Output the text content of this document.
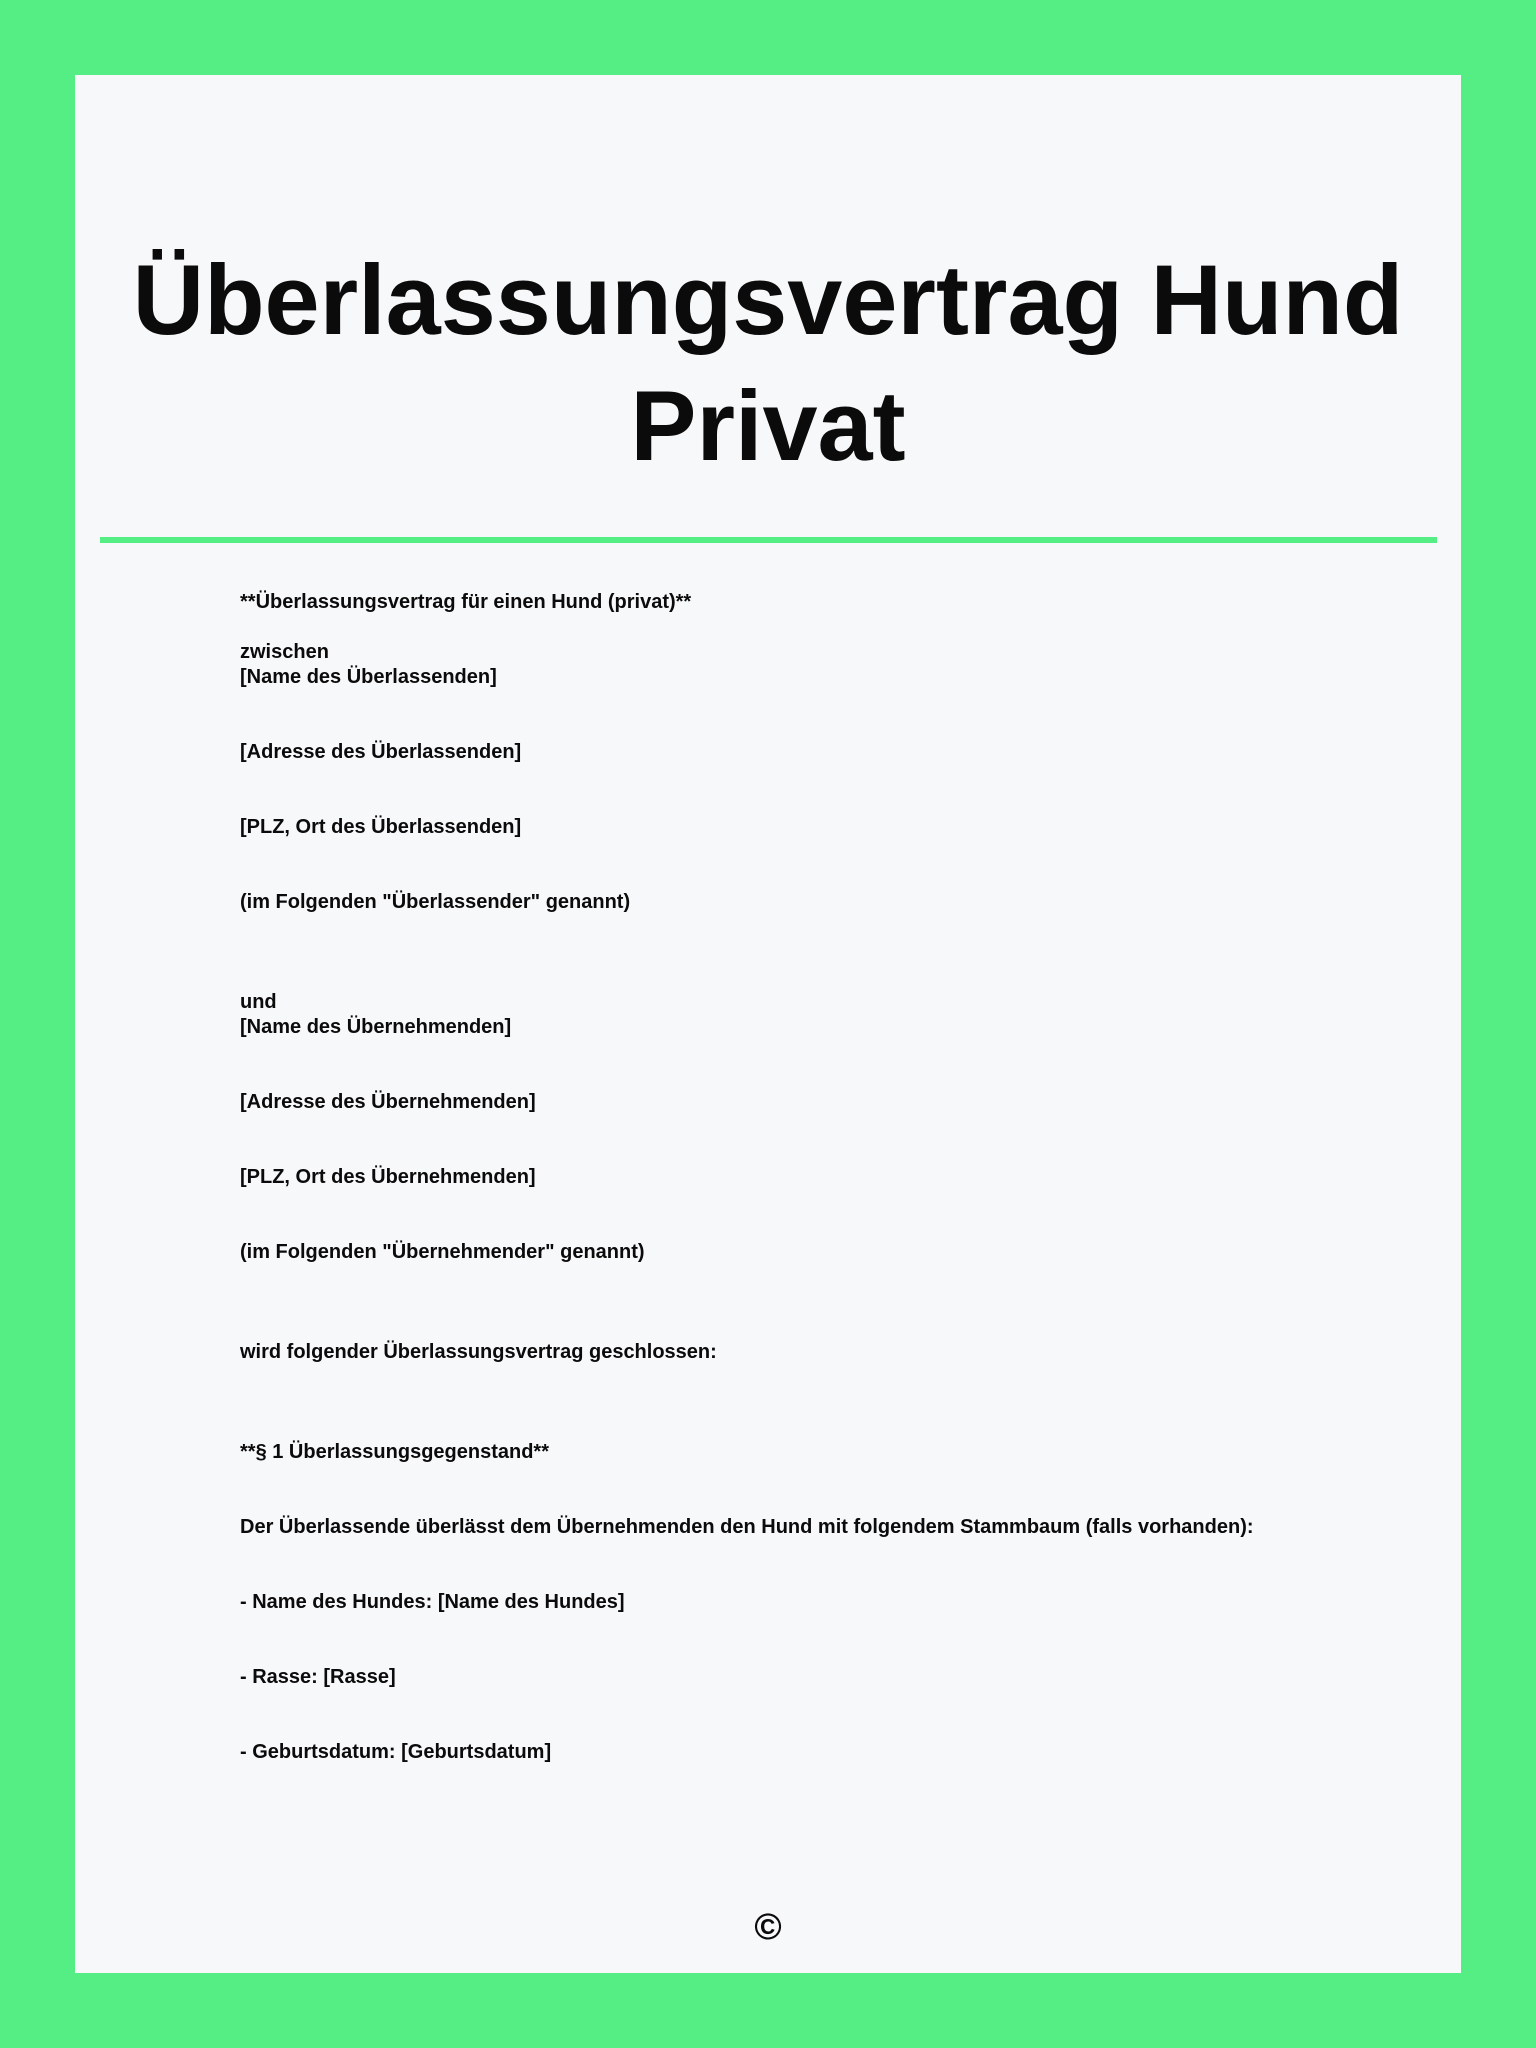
Überlassungsvertrag Hund Privat
**Überlassungsvertrag für einen Hund (privat)**
zwischen
[Name des Überlassenden]
[Adresse des Überlassenden]
[PLZ, Ort des Überlassenden]
(im Folgenden "Überlassender" genannt)
und
[Name des Übernehmenden]
[Adresse des Übernehmenden]
[PLZ, Ort des Übernehmenden]
(im Folgenden "Übernehmender" genannt)
wird folgender Überlassungsvertrag geschlossen:
**§ 1 Überlassungsgegenstand**
Der Überlassende überlässt dem Übernehmenden den Hund mit folgendem Stammbaum (falls vorhanden):
- Name des Hundes: [Name des Hundes]
- Rasse: [Rasse]
- Geburtsdatum: [Geburtsdatum]
©
